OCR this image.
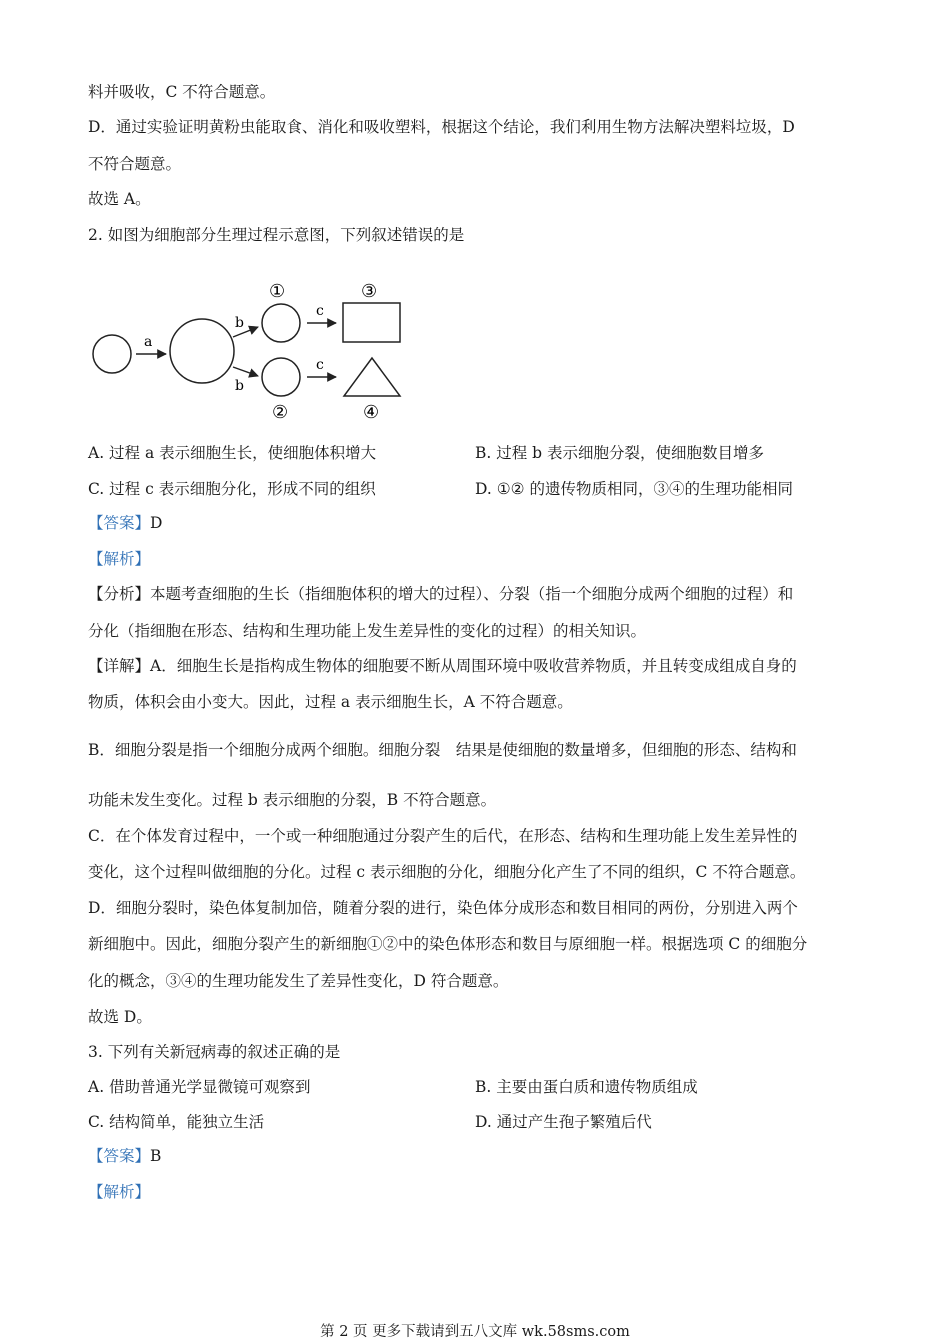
料并吸收，C 不符合题意。
D．通过实验证明黄粉虫能取食、消化和吸收塑料，根据这个结论，我们利用生物方法解决塑料垃圾，D
不符合题意。
故选 A。
2. 如图为细胞部分生理过程示意图，下列叙述错误的是
a
b
b
①
②
c
c
③
④
A. 过程 a 表示细胞生长，使细胞体积增大	B. 过程 b 表示细胞分裂，使细胞数目增多
C. 过程 c 表示细胞分化，形成不同的组织	D. ①② 的遗传物质相同，③④的生理功能相同
【答案】D
【解析】
【分析】本题考查细胞的生长（指细胞体积的增大的过程）、分裂（指一个细胞分成两个细胞的过程）和
分化（指细胞在形态、结构和生理功能上发生差异性的变化的过程）的相关知识。
【详解】A．细胞生长是指构成生物体的细胞要不断从周围环境中吸收营养物质，并且转变成组成自身的
物质，体积会由小变大。因此，过程 a 表示细胞生长，A 不符合题意。
B．细胞分裂是指一个细胞分成两个细胞。细胞分裂　结果是使细胞的数量增多，但细胞的形态、结构和
功能未发生变化。过程 b 表示细胞的分裂，B 不符合题意。
C．在个体发育过程中，一个或一种细胞通过分裂产生的后代，在形态、结构和生理功能上发生差异性的
变化，这个过程叫做细胞的分化。过程 c 表示细胞的分化，细胞分化产生了不同的组织，C 不符合题意。
D．细胞分裂时，染色体复制加倍，随着分裂的进行，染色体分成形态和数目相同的两份，分别进入两个
新细胞中。因此，细胞分裂产生的新细胞①②中的染色体形态和数目与原细胞一样。根据选项 C 的细胞分
化的概念，③④的生理功能发生了差异性变化，D 符合题意。
故选 D。
3. 下列有关新冠病毒的叙述正确的是
A. 借助普通光学显微镜可观察到	B. 主要由蛋白质和遗传物质组成
C. 结构简单，能独立生活	D. 通过产生孢子繁殖后代
【答案】B
【解析】
第 2 页 更多下载请到五八文库 wk.58sms.com
